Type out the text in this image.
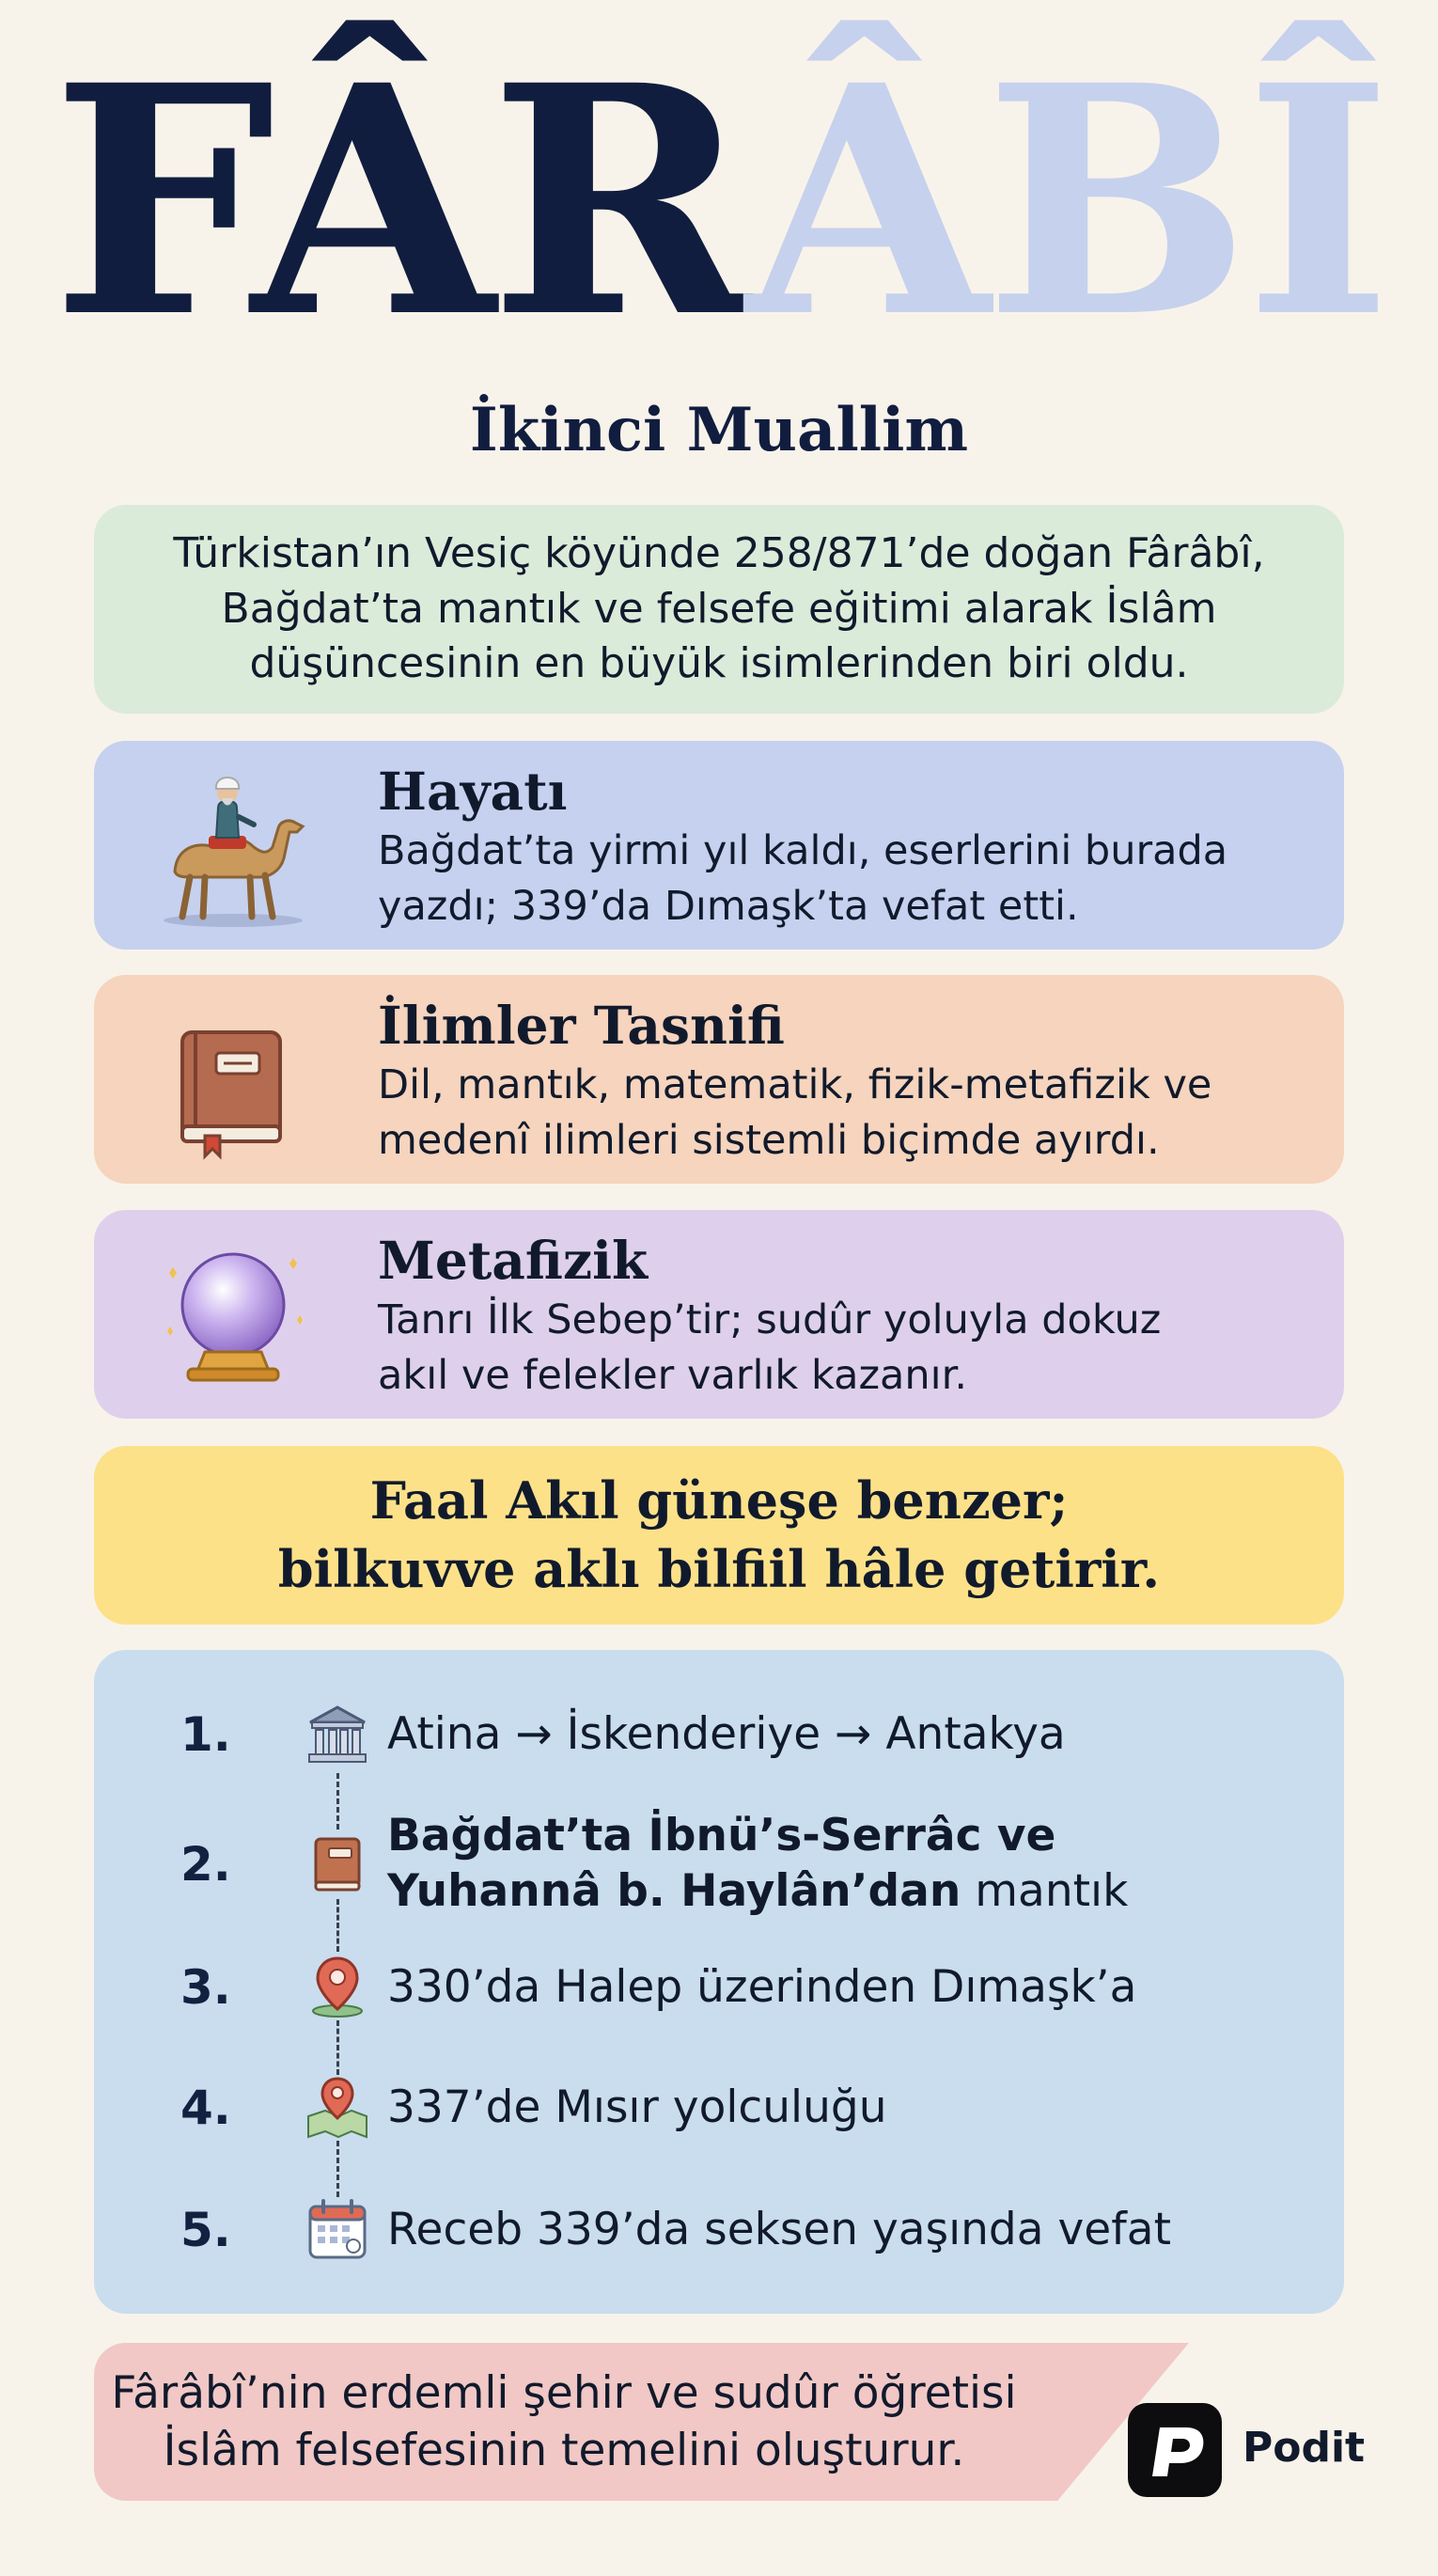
FÂRÂBÎ
İkinci Muallim
Türkistan’ın Vesiç köyünde 258/871’de doğan Fârâbî,
Bağdat’ta mantık ve felsefe eğitimi alarak İslâm
düşüncesinin en büyük isimlerinden biri oldu.
Hayatı
Bağdat’ta yirmi yıl kaldı, eserlerini burada
yazdı; 339’da Dımaşk’ta vefat etti.
İlimler Tasnifi
Dil, mantık, matematik, fizik-metafizik ve
medenî ilimleri sistemli biçimde ayırdı.
Metafizik
Tanrı İlk Sebep’tir; sudûr yoluyla dokuz
akıl ve felekler varlık kazanır.
Faal Akıl güneşe benzer;
bilkuvve aklı bilfiil hâle getirir.
1.	Atina → İskenderiye → Antakya
2.
Bağdat’ta İbnü’s-Serrâc ve
Yuhannâ b. Haylân’dan mantık
3.	330’da Halep üzerinden Dımaşk’a
4.	337’de Mısır yolculuğu
5.	Receb 339’da seksen yaşında vefat
Fârâbî’nin erdemli şehir ve sudûr öğretisi
İslâm felsefesinin temelini oluşturur.	Podit
